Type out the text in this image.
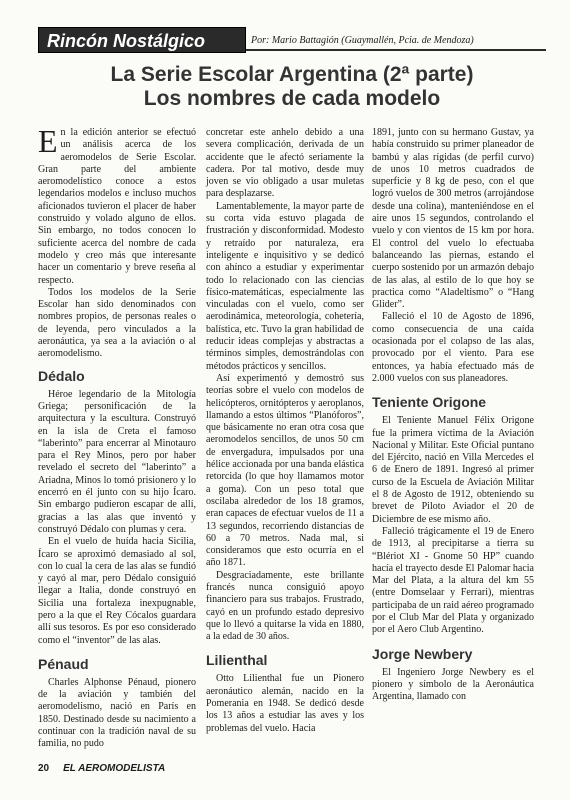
Rincón Nostálgico	Por: Mario Battagión (Guaymallén, Pcia. de Mendoza)
La Serie Escolar Argentina (2ª parte)
Los nombres de cada modelo

En la edición anterior se efectuó un análisis acerca de los aeromodelos de Serie Escolar. Gran parte del ambiente aeromodelístico conoce a estos legendarios modelos e incluso muchos aficionados tuvieron el placer de haber construido y volado alguno de ellos. Sin embargo, no todos conocen lo suficiente acerca del nombre de cada modelo y creo más que interesante hacer un comentario y breve reseña al respecto.

Todos los modelos de la Serie Escolar han sido denominados con nombres propios, de personas reales o de leyenda, pero vinculados a la aeronáutica, ya sea a la aviación o al aeromodelismo.

Dédalo

Héroe legendario de la Mitología Griega; personificación de la arquitectura y la escultura. Construyó en la isla de Creta el famoso “laberinto” para encerrar al Minotauro para el Rey Minos, pero por haber revelado el secreto del “laberinto” a Ariadna, Minos lo tomó prisionero y lo encerró en él junto con su hijo Ícaro. Sin embargo pudieron escapar de allí, gracias a las alas que inventó y construyó Dédalo con plumas y cera.

En el vuelo de huída hacia Sicilia, Ícaro se aproximó demasiado al sol, con lo cual la cera de las alas se fundió y cayó al mar, pero Dédalo consiguió llegar a Italia, donde construyó en Sicilia una fortaleza inexpugnable, pero a la que el Rey Cócalos guardara allí sus tesoros. Es por eso considerado como el “inventor” de las alas.

Pénaud

Charles Alphonse Pénaud, pionero de la aviación y también del aeromodelismo, nació en París en 1850. Destinado desde su nacimiento a continuar con la tradición naval de su familia, no pudo

concretar este anhelo debido a una severa complicación, derivada de un accidente que le afectó seriamente la cadera. Por tal motivo, desde muy joven se vio obligado a usar muletas para desplazarse.

Lamentablemente, la mayor parte de su corta vida estuvo plagada de frustración y disconformidad. Modesto y retraído por naturaleza, era inteligente e inquisitivo y se dedicó con ahínco a estudiar y experimentar todo lo relacionado con las ciencias físico-matemáticas, especialmente las vinculadas con el vuelo, como ser aerodinámica, meteorología, cohetería, balística, etc. Tuvo la gran habilidad de reducir ideas complejas y abstractas a términos simples, demostrándolas con métodos prácticos y sencillos.

Así experimentó y demostró sus teorías sobre el vuelo con modelos de helicópteros, ornitópteros y aeroplanos, llamando a estos últimos “Planóforos”, que básicamente no eran otra cosa que aeromodelos sencillos, de unos 50 cm de envergadura, impulsados por una hélice accionada por una banda elástica retorcida (lo que hoy llamamos motor a goma). Con un peso total que oscilaba alrededor de los 18 gramos, eran capaces de efectuar vuelos de 11 a 13 segundos, recorriendo distancias de 60 a 70 metros. Nada mal, si consideramos que esto ocurría en el año 1871.

Desgraciadamente, este brillante francés nunca consiguió apoyo financiero para sus trabajos. Frustrado, cayó en un profundo estado depresivo que lo llevó a quitarse la vida en 1880, a la edad de 30 años.

Lilienthal

Otto Lilienthal fue un Pionero aeronáutico alemán, nacido en la Pomerania en 1948. Se dedicó desde los 13 años a estudiar las aves y los problemas del vuelo. Hacia

1891, junto con su hermano Gustav, ya había construido su primer planeador de bambú y alas rígidas (de perfil curvo) de unos 10 metros cuadrados de superficie y 8 kg de peso, con el que logró vuelos de 300 metros (arrojándose desde una colina), manteniéndose en el aire unos 15 segundos, controlando el vuelo y con vientos de 15 km por hora. El control del vuelo lo efectuaba balanceando las piernas, estando el cuerpo sostenido por un armazón debajo de las alas, al estilo de lo que hoy se practica como “Aladeltismo” o “Hang Glider”.

Falleció el 10 de Agosto de 1896, como consecuencia de una caída ocasionada por el colapso de las alas, provocado por el viento. Para ese entonces, ya había efectuado más de 2.000 vuelos con sus planeadores.

Teniente Origone

El Teniente Manuel Félix Origone fue la primera víctima de la Aviación Nacional y Militar. Este Oficial puntano del Ejército, nació en Villa Mercedes el 6 de Enero de 1891. Ingresó al primer curso de la Escuela de Aviación Militar el 8 de Agosto de 1912, obteniendo su brevet de Piloto Aviador el 20 de Diciembre de ese mismo año.

Falleció trágicamente el 19 de Enero de 1913, al precipitarse a tierra su “Blériot XI - Gnome 50 HP” cuando hacía el trayecto desde El Palomar hacia Mar del Plata, a la altura del km 55 (entre Domselaar y Ferrari), mientras participaba de un raid aéreo programado por el Club Mar del Plata y organizado por el Aero Club Argentino.

Jorge Newbery

El Ingeniero Jorge Newbery es el pionero y símbolo de la Aeronáutica Argentina, llamado con

20 EL AEROMODELISTA
